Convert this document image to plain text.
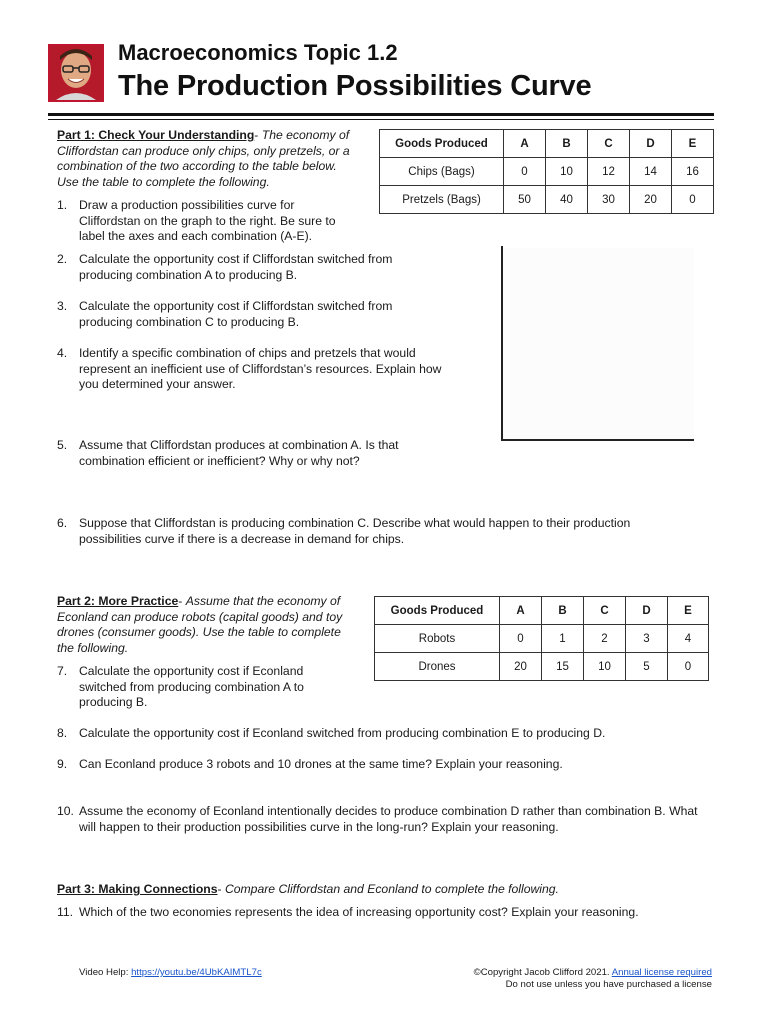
Macroeconomics Topic 1.2
The Production Possibilities Curve
Part 1: Check Your Understanding- The economy of
Cliffordstan can produce only chips, only pretzels, or a
combination of the two according to the table below.
Use the table to complete the following.
Goods Produced	A	B	C	D	E
Chips (Bags)	0	10	12	14	16
Pretzels (Bags)	50	40	30	20	0
1. Draw a production possibilities curve for
Cliffordstan on the graph to the right. Be sure to
label the axes and each combination (A-E).
2. Calculate the opportunity cost if Cliffordstan switched from
producing combination A to producing B.
3. Calculate the opportunity cost if Cliffordstan switched from
producing combination C to producing B.
4. Identify a specific combination of chips and pretzels that would
represent an inefficient use of Cliffordstan’s resources. Explain how
you determined your answer.
5. Assume that Cliffordstan produces at combination A. Is that
combination efficient or inefficient? Why or why not?
6. Suppose that Cliffordstan is producing combination C. Describe what would happen to their production
possibilities curve if there is a decrease in demand for chips.
Part 2: More Practice- Assume that the economy of
Econland can produce robots (capital goods) and toy
drones (consumer goods). Use the table to complete
the following.
Goods Produced	A	B	C	D	E
Robots	0	1	2	3	4
Drones	20	15	10	5	0
7. Calculate the opportunity cost if Econland
switched from producing combination A to
producing B.
8. Calculate the opportunity cost if Econland switched from producing combination E to producing D.
9. Can Econland produce 3 robots and 10 drones at the same time? Explain your reasoning.
10. Assume the economy of Econland intentionally decides to produce combination D rather than combination B. What
will happen to their production possibilities curve in the long-run? Explain your reasoning.
Part 3: Making Connections- Compare Cliffordstan and Econland to complete the following.
11. Which of the two economies represents the idea of increasing opportunity cost? Explain your reasoning.
Video Help: https://youtu.be/4UbKAIMTL7c	©Copyright Jacob Clifford 2021. Annual license required
Do not use unless you have purchased a license
